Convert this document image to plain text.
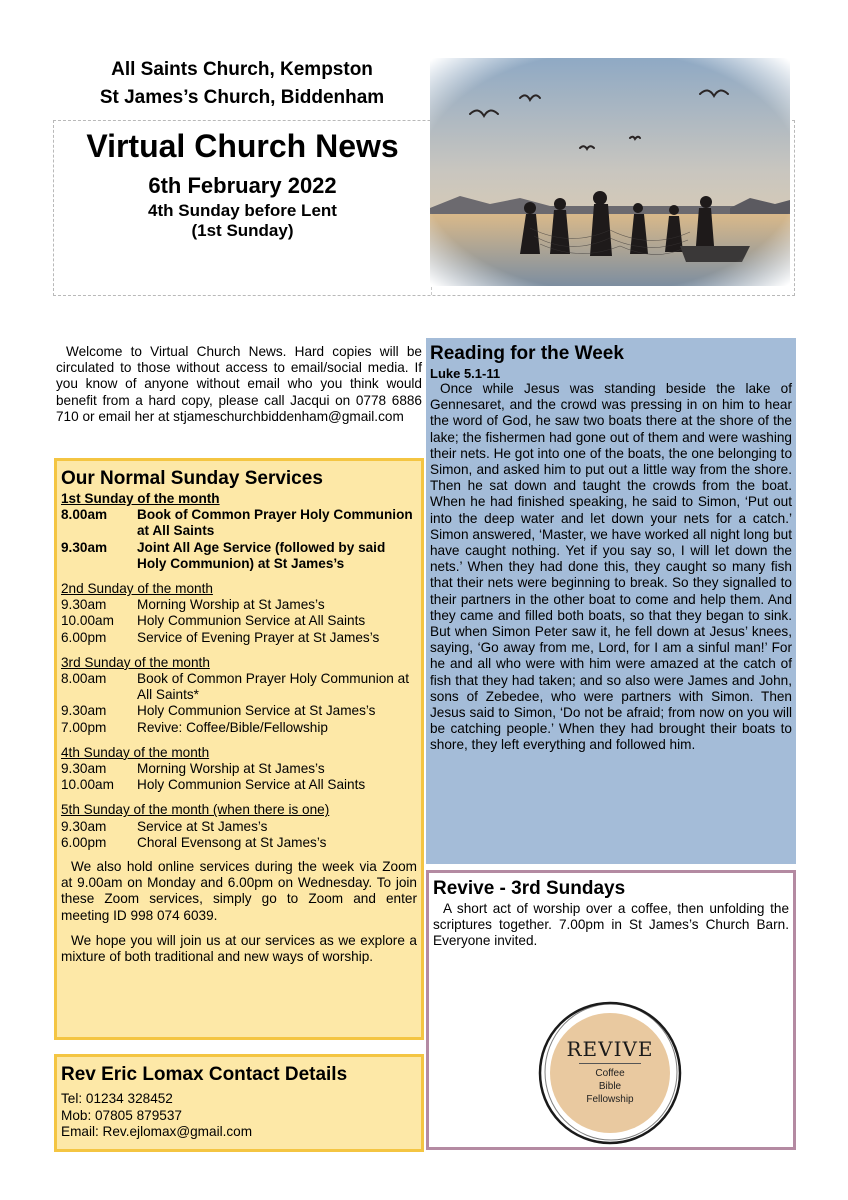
All Saints Church, Kempston
St James’s Church, Biddenham
Virtual Church News
6th February 2022
4th Sunday before Lent
(1st Sunday)
Welcome to Virtual Church News. Hard copies will be circulated to those without access to email/social media. If you know of anyone without email who you think would benefit from a hard copy, please call Jacqui on 0778 6886 710 or email her at stjameschurchbiddenham@gmail.com
Our Normal Sunday Services
1st Sunday of the month
8.00am	Book of Common Prayer Holy Communion at All Saints
9.30am	Joint All Age Service (followed by said Holy Communion) at St James’s
2nd Sunday of the month
9.30am	Morning Worship at St James’s
10.00am	Holy Communion Service at All Saints
6.00pm	Service of Evening Prayer at St James’s
3rd Sunday of the month
8.00am	Book of Common Prayer Holy Communion at All Saints*
9.30am	Holy Communion Service at St James’s
7.00pm	Revive: Coffee/Bible/Fellowship
4th Sunday of the month
9.30am	Morning Worship at St James’s
10.00am	Holy Communion Service at All Saints
5th Sunday of the month (when there is one)
9.30am	Service at St James’s
6.00pm	Choral Evensong at St James’s
We also hold online services during the week via Zoom at 9.00am on Monday and 6.00pm on Wednesday. To join these Zoom services, simply go to Zoom and enter meeting ID 998 074 6039.
We hope you will join us at our services as we explore a mixture of both traditional and new ways of worship.
Rev Eric Lomax Contact Details
Tel: 01234 328452
Mob: 07805 879537
Email: Rev.ejlomax@gmail.com
Reading for the Week
Luke 5.1-11
Once while Jesus was standing beside the lake of Gennesaret, and the crowd was pressing in on him to hear the word of God, he saw two boats there at the shore of the lake; the fishermen had gone out of them and were washing their nets. He got into one of the boats, the one belonging to Simon, and asked him to put out a little way from the shore. Then he sat down and taught the crowds from the boat. When he had finished speaking, he said to Simon, ‘Put out into the deep water and let down your nets for a catch.’ Simon answered, ‘Master, we have worked all night long but have caught nothing. Yet if you say so, I will let down the nets.’ When they had done this, they caught so many fish that their nets were beginning to break. So they signalled to their partners in the other boat to come and help them. And they came and filled both boats, so that they began to sink. But when Simon Peter saw it, he fell down at Jesus’ knees, saying, ‘Go away from me, Lord, for I am a sinful man!’ For he and all who were with him were amazed at the catch of fish that they had taken; and so also were James and John, sons of Zebedee, who were partners with Simon. Then Jesus said to Simon, ‘Do not be afraid; from now on you will be catching people.’ When they had brought their boats to shore, they left everything and followed him.
Revive - 3rd Sundays
A short act of worship over a coffee, then unfolding the scriptures together. 7.00pm in St James’s Church Barn. Everyone invited.
REVIVE
Coffee
Bible
Fellowship
